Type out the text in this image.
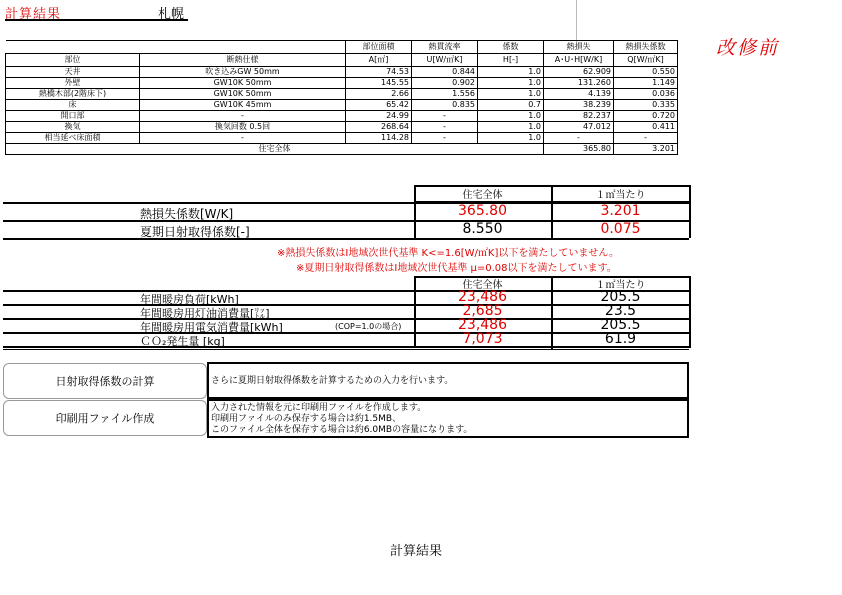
計算結果	札幌
改修前
		部位面積	熱貫流率	係数	熱損失	熱損失係数
部位	断熱仕様	A[㎡]	U[W/㎡K]	H[-]	A･U･H[W/K]	Q[W/㎡K]
天井	吹き込みGW 50mm	74.53	0.844	1.0	62.909	0.550
外壁	GW10K 50mm	145.55	0.902	1.0	131.260	1.149
熱橋木部(2階床下)	GW10K 50mm	2.66	1.556	1.0	4.139	0.036
床	GW10K 45mm	65.42	0.835	0.7	38.239	0.335
開口部	-	24.99	-	1.0	82.237	0.720
換気	換気回数 0.5回	268.64	-	1.0	47.012	0.411
相当延べ床面積	-	114.28	-	1.0	-	-
住宅全体					365.80	3.201
住宅全体	１㎡当たり
熱損失係数[W/K]	365.80	3.201
夏期日射取得係数[-]	8.550	0.075
※熱損失係数はⅠ地域次世代基準 K<=1.6[W/㎡K]以下を満たしていません。
※夏期日射取得係数はⅠ地域次世代基準 μ=0.08以下を満たしています。
住宅全体	１㎡当たり
年間暖房負荷[kWh]	23,486	205.5
年間暖房用灯油消費量[㍑]	2,685	23.5
年間暖房用電気消費量[kWh]	(COP=1.0の場合)	23,486	205.5
ＣＯ₂発生量 [kg]	7,073	61.9
日射取得係数の計算	さらに夏期日射取得係数を計算するための入力を行います。
印刷用ファイル作成
入力された情報を元に印刷用ファイルを作成します。
印刷用ファイルのみ保存する場合は約1.5MB、
このファイル全体を保存する場合は約6.0MBの容量になります。
計算結果
